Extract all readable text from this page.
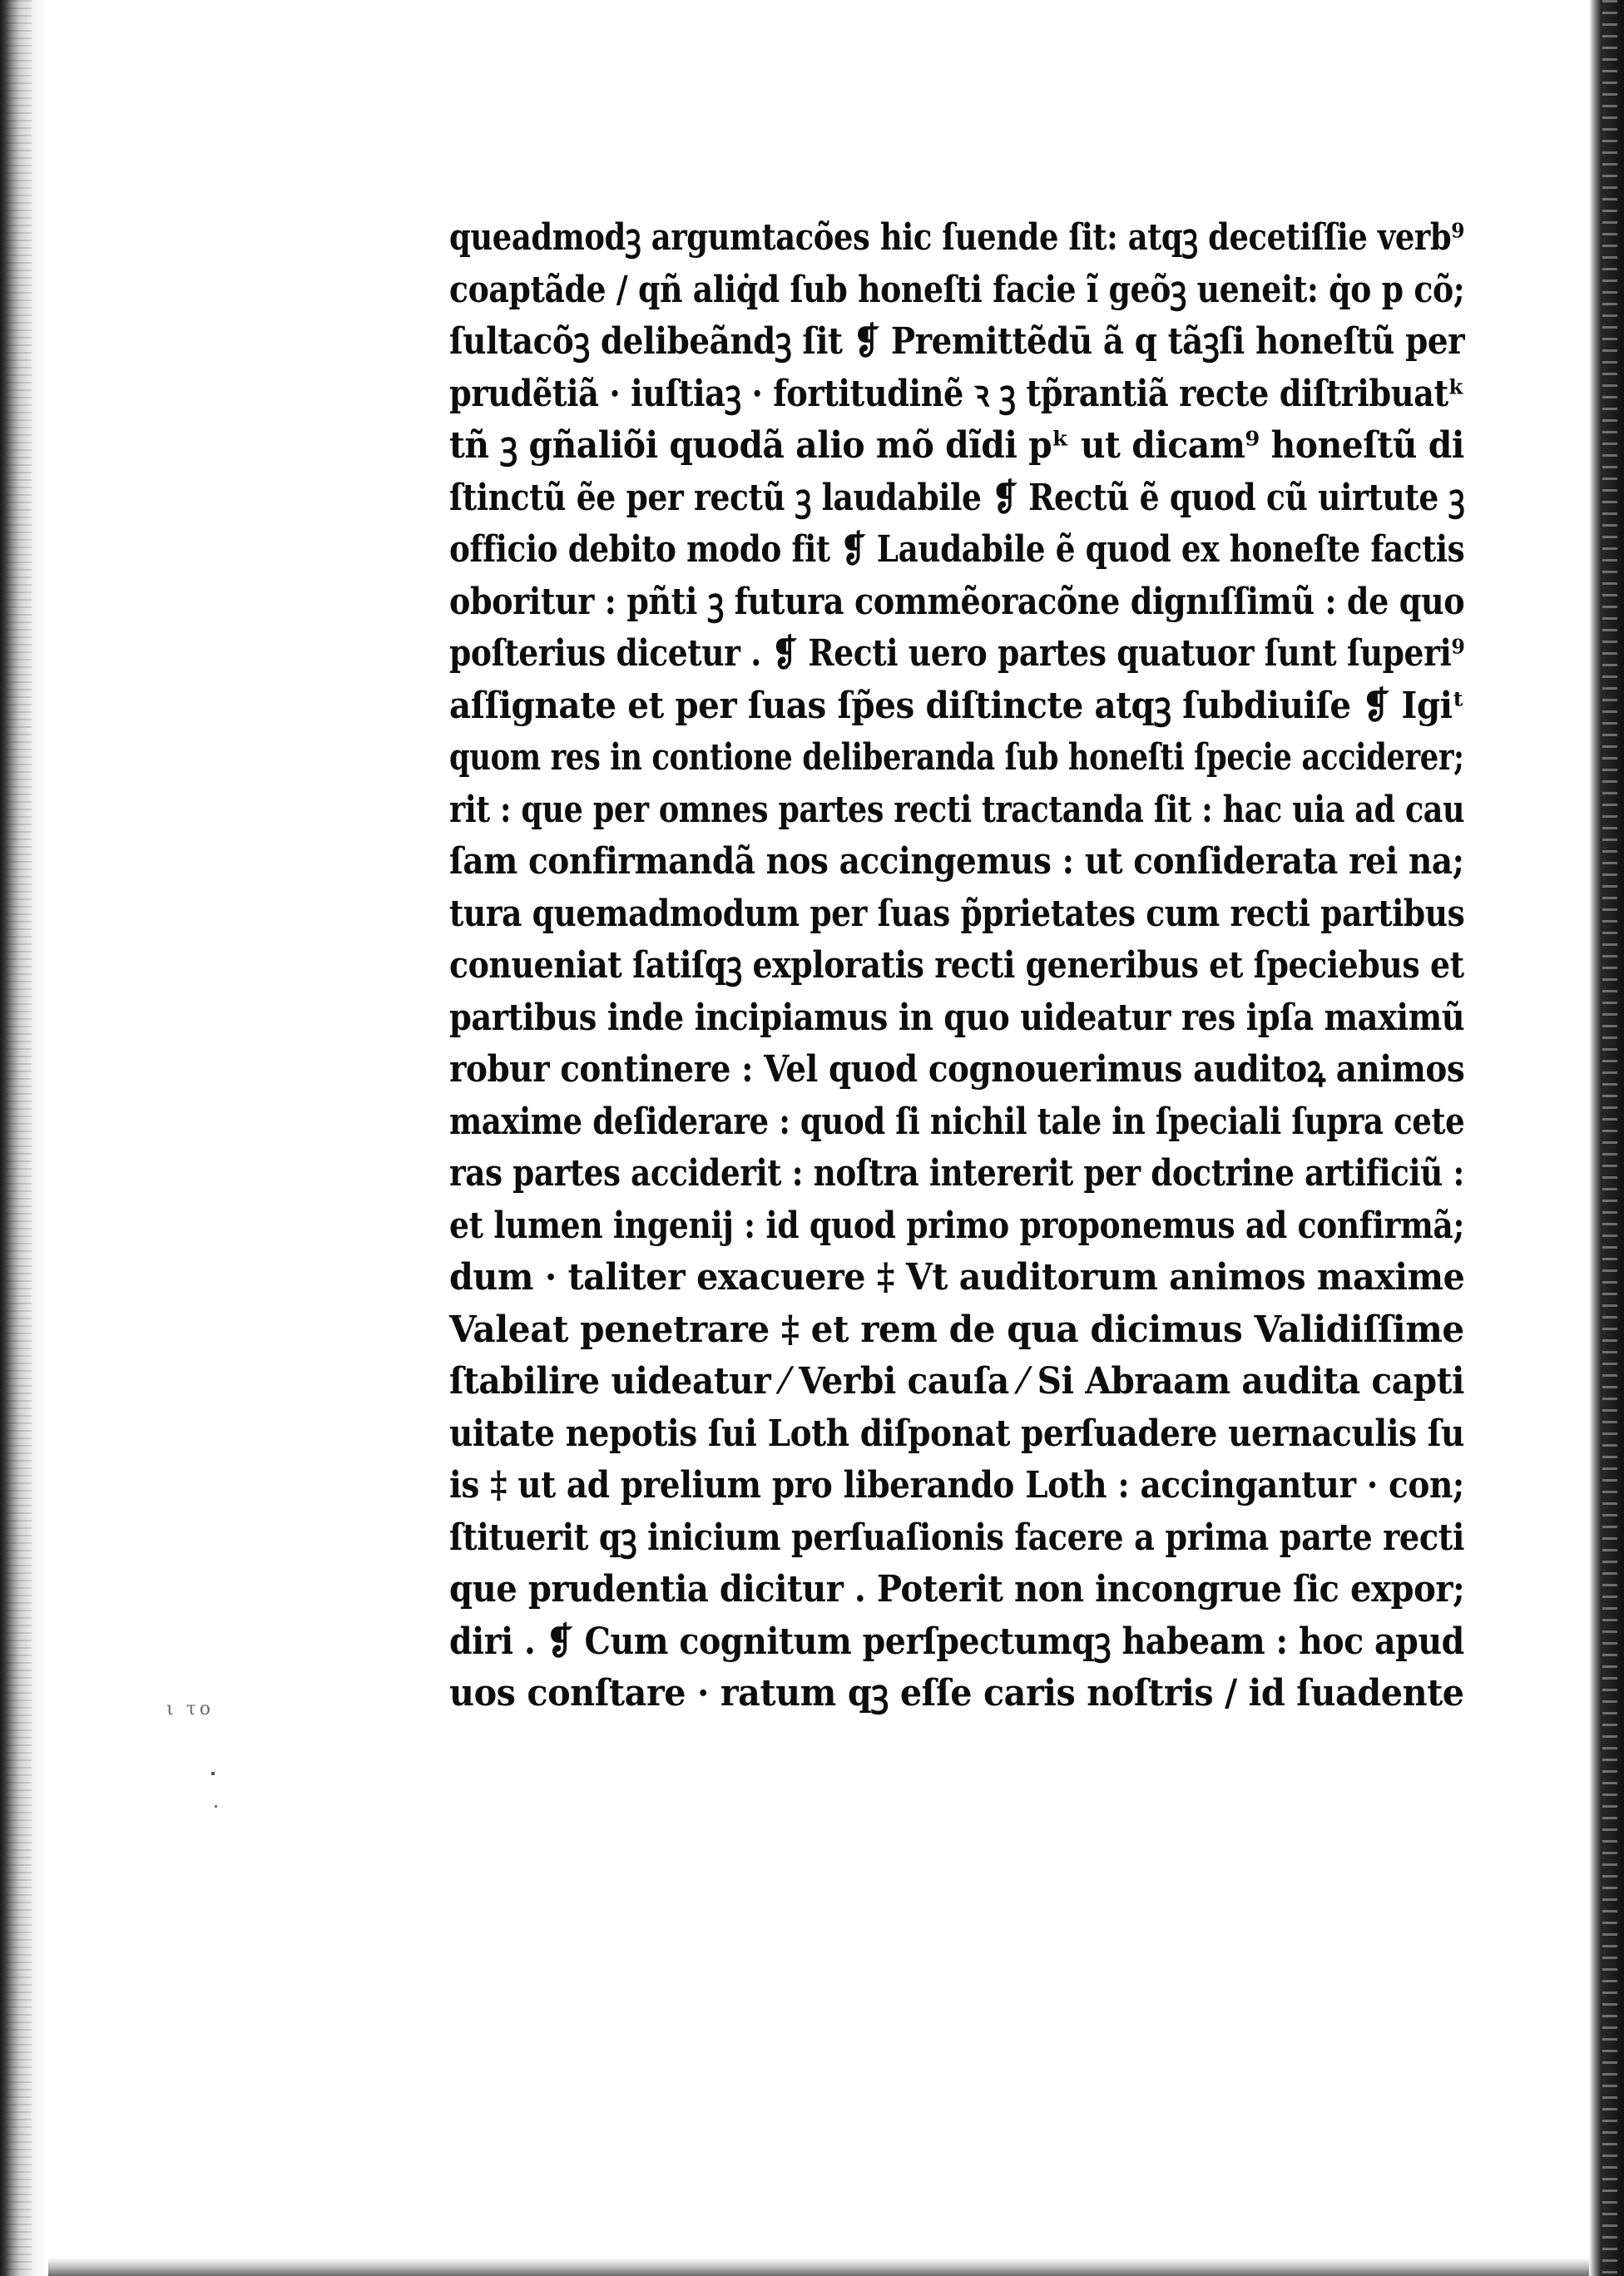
ι το
queadmodꝫ argumtacões hic ſuende ſit: atqꝫ decetiſſie verb⁹
coaptãde / qñ aliq̇d ſub honeſti facie ĩ geõꝫ ueneit: q̇o p cõ;
ſultacõꝫ delibeãndꝫ ſit ❡ Premittẽdū ã q tãꝫſi honeſtũ per
prudẽtiã · iuſtiaꝫ · fortitudinẽ ꝛ ꝫ tp̃rantiã recte diſtribuatᵏ
tñ ꝫ gñaliõi quodã alio mõ dĩdi pᵏ ut dicam⁹ honeſtũ di
ſtinctũ ẽe per rectũ ꝫ laudabile ❡ Rectũ ẽ quod cũ uirtute ꝫ
officio debito modo fit ❡ Laudabile ẽ quod ex honeſte factis
oboritur : pñti ꝫ futura commẽoracõne dignıſſimũ : de quo
poſterius dicetur . ❡ Recti uero partes quatuor ſunt ſuperi⁹
aſſignate et per ſuas ſp̃es diſtincte atqꝫ ſubdiuiſe ❡ Igiᵗ
quom res in contione deliberanda ſub honeſti ſpecie acciderer;
rit : que per omnes partes recti tractanda ſit : hac uia ad cau
ſam confirmandã nos accingemus : ut conſiderata rei na;
tura quemadmodum per ſuas p̃prietates cum recti partibus
conueniat ſatiſqꝫ exploratis recti generibus et ſpeciebus et
partibus inde incipiamus in quo uideatur res ipſa maximũ
robur continere : Vel quod cognouerimus auditoꝝ animos
maxime deſiderare : quod ſi nichil tale in ſpeciali ſupra cete
ras partes acciderit : noſtra intererit per doctrine artificiũ :
et lumen ingenij : id quod primo proponemus ad confirmã;
dum · taliter exacuere ‡ Vt auditorum animos maxime
Valeat penetrare ‡ et rem de qua dicimus Validiſſime
ſtabilire uideatur ⁄ Verbi cauſa ⁄ Si Abraam audita capti
uitate nepotis ſui Loth diſponat perſuadere uernaculis ſu
is ‡ ut ad prelium pro liberando Loth : accingantur · con;
ſtituerit qꝫ inicium perſuaſionis facere a prima parte recti
que prudentia dicitur . Poterit non incongrue ſic expor;
diri . ❡ Cum cognitum perſpectumqꝫ habeam : hoc apud
uos conſtare · ratum qꝫ eſſe caris noſtris / id ſuadente
